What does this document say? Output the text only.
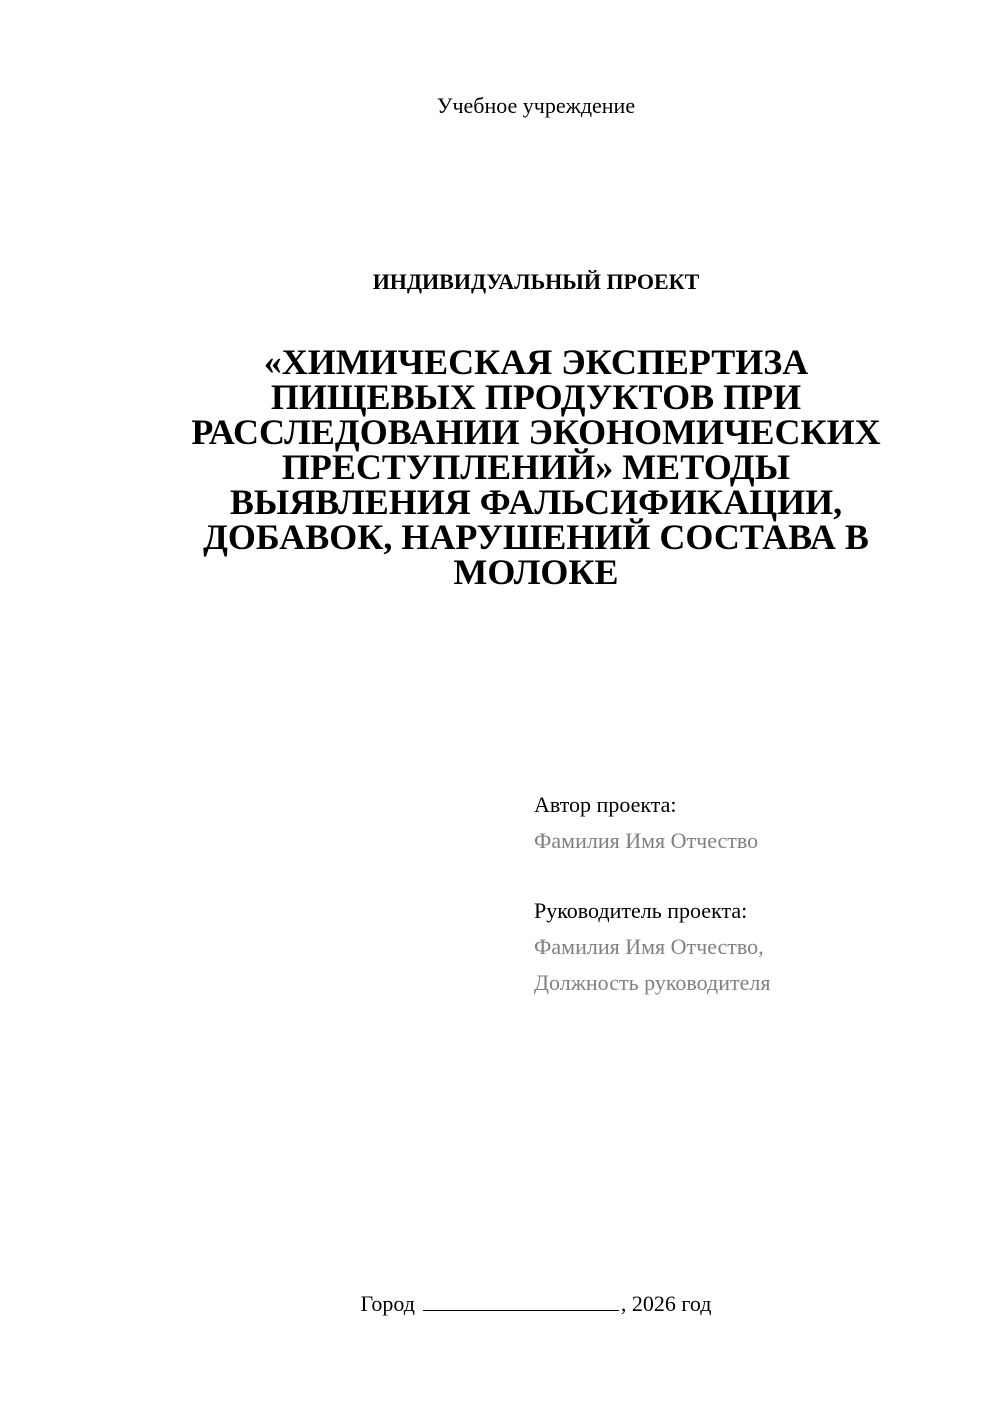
Учебное учреждение
ИНДИВИДУАЛЬНЫЙ ПРОЕКТ
«ХИМИЧЕСКАЯ ЭКСПЕРТИЗА
ПИЩЕВЫХ ПРОДУКТОВ ПРИ
РАССЛЕДОВАНИИ ЭКОНОМИЧЕСКИХ
ПРЕСТУПЛЕНИЙ» МЕТОДЫ
ВЫЯВЛЕНИЯ ФАЛЬСИФИКАЦИИ,
ДОБАВОК, НАРУШЕНИЙ СОСТАВА В
МОЛОКЕ
Автор проекта:
Фамилия Имя Отчество
Руководитель проекта:
Фамилия Имя Отчество,
Должность руководителя
Город	, 2026 год
